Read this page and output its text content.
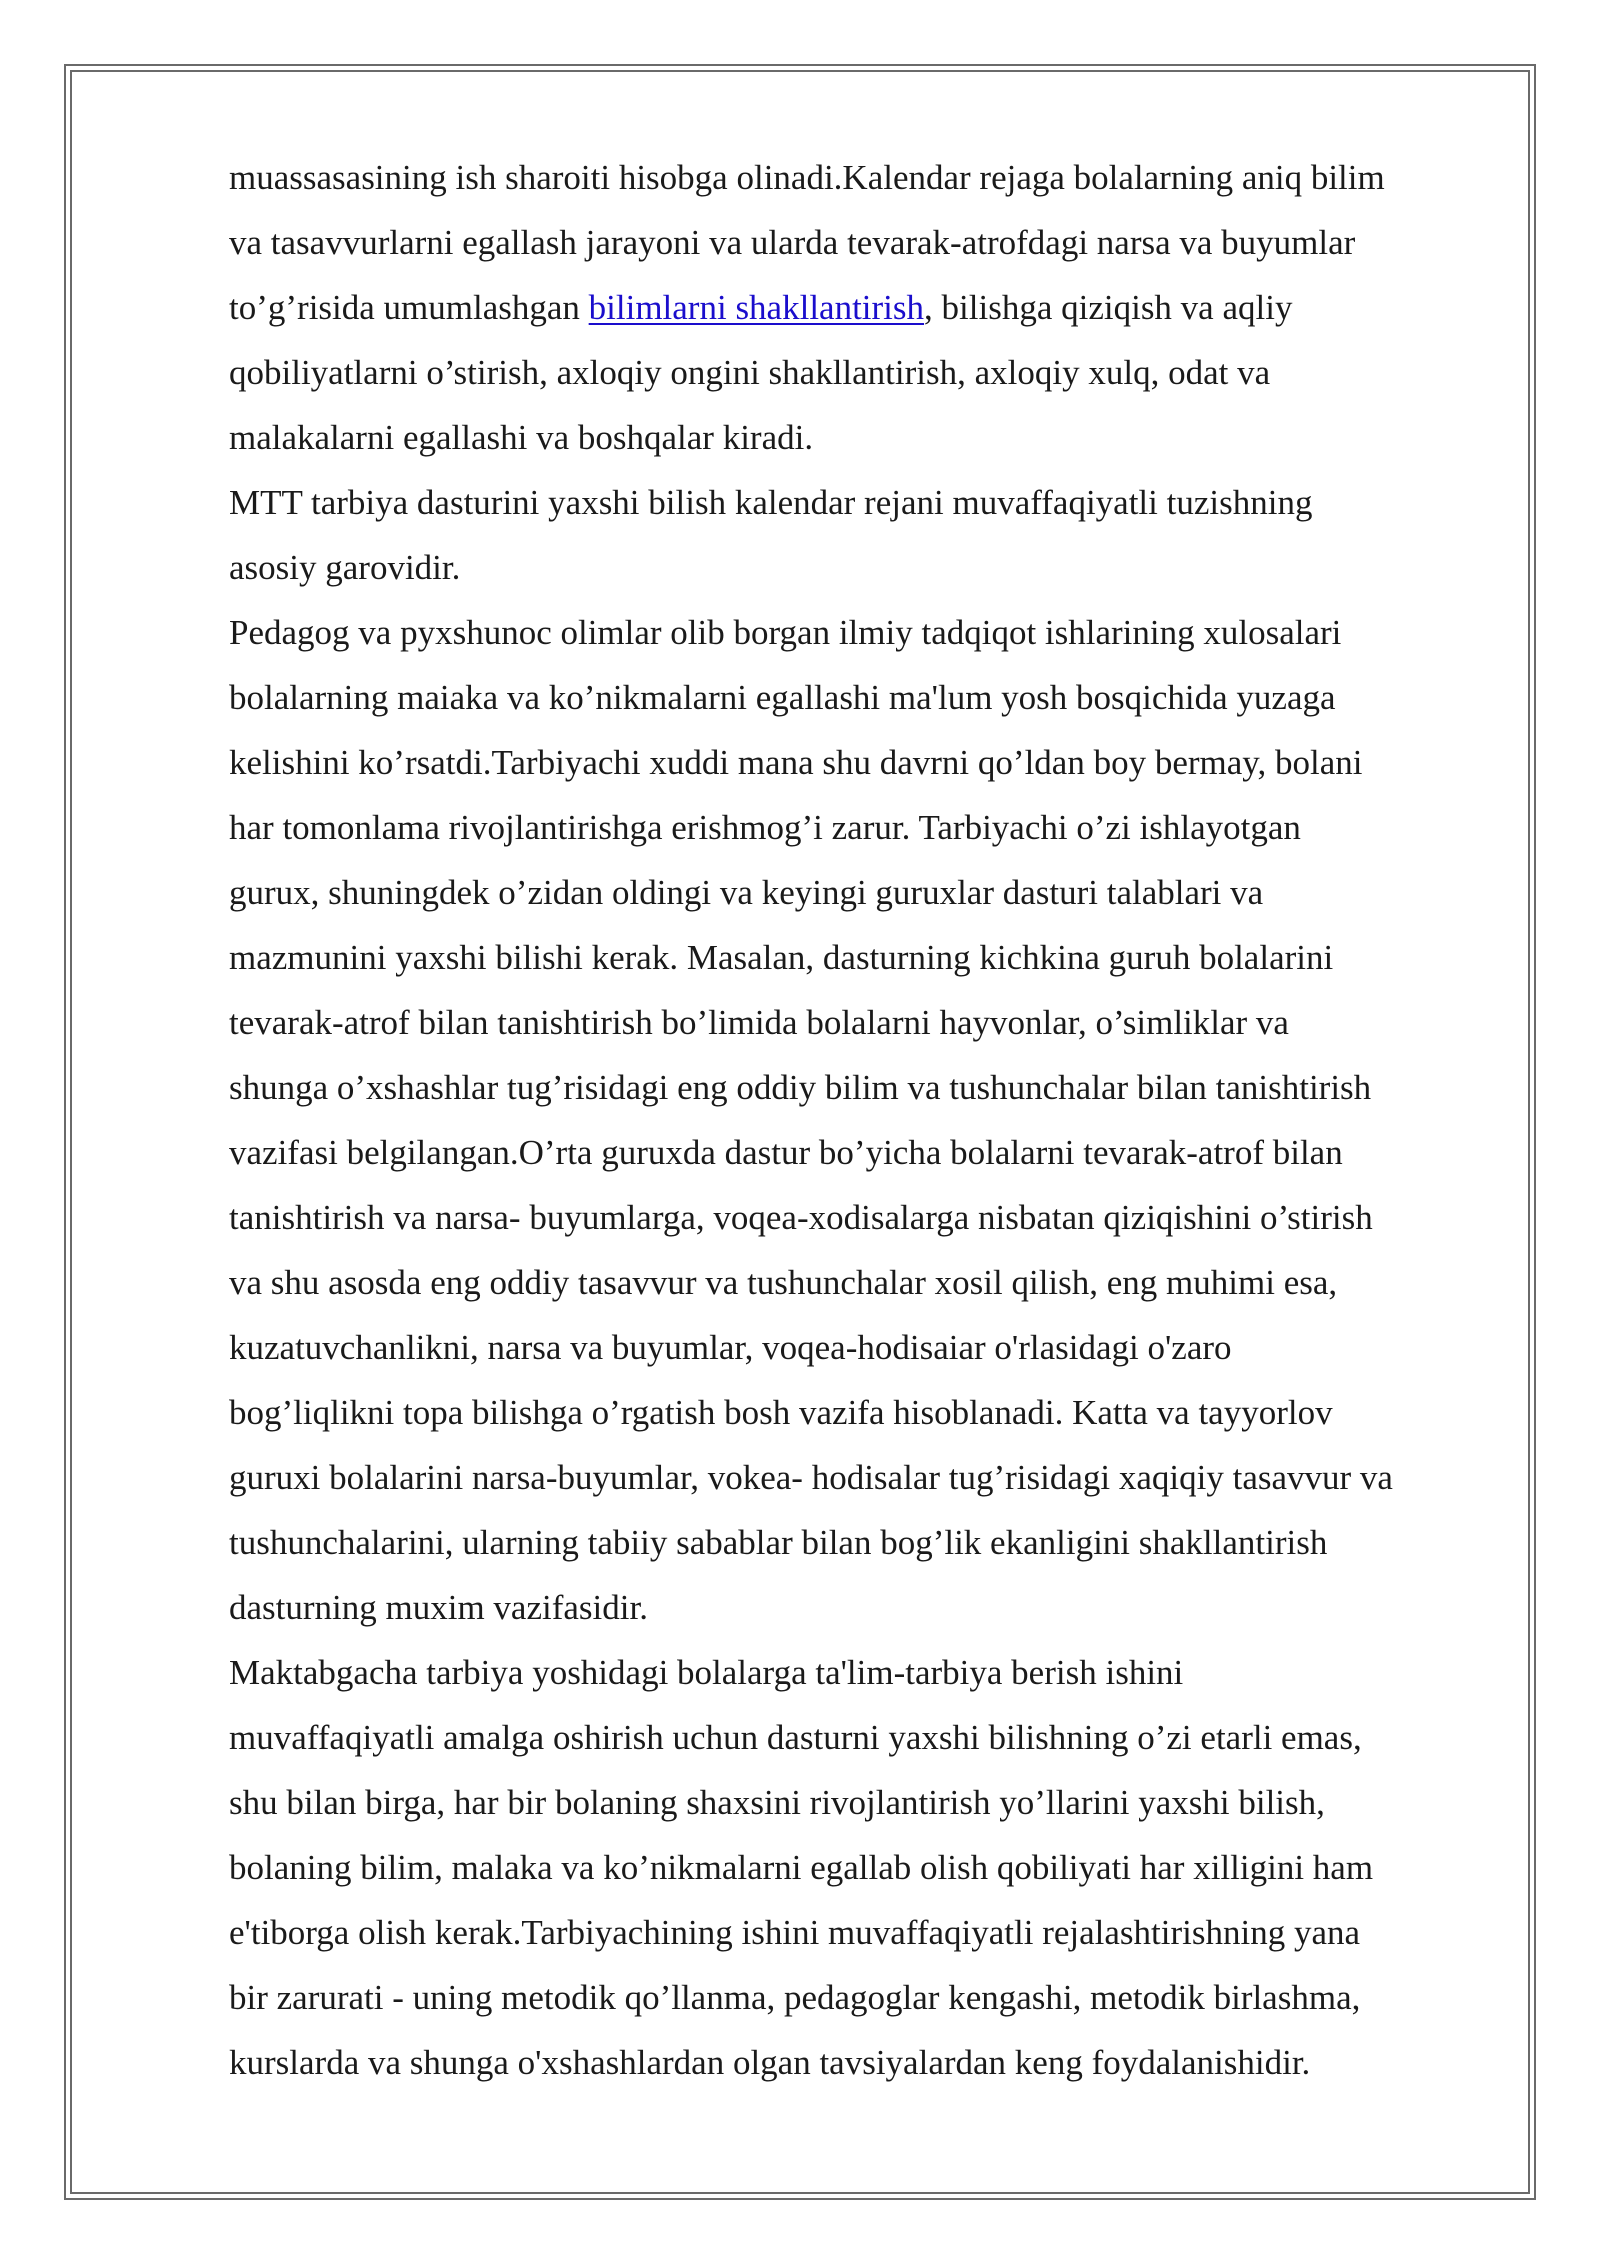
muassasasining ish sharoiti hisobga olinadi.Kalendar rejaga bolalarning aniq bilim
va tasavvurlarni egallash jarayoni va ularda tevarak-atrofdagi narsa va buyumlar
to’g’risida umumlashgan bilimlarni shakllantirish, bilishga qiziqish va aqliy
qobiliyatlarni o’stirish, axloqiy ongini shakllantirish, axloqiy xulq, odat va
malakalarni egallashi va boshqalar kiradi.
MTT tarbiya dasturini yaxshi bilish kalendar rejani muvaffaqiyatli tuzishning
asosiy garovidir.
Pedagog va pyxshunoc olimlar olib borgan ilmiy tadqiqot ishlarining xulosalari
bolalarning maiaka va ko’nikmalarni egallashi ma'lum yosh bosqichida yuzaga
kelishini ko’rsatdi.Tarbiyachi xuddi mana shu davrni qo’ldan boy bermay, bolani
har tomonlama rivojlantirishga erishmog’i zarur. Tarbiyachi o’zi ishlayotgan
gurux, shuningdek o’zidan oldingi va keyingi guruxlar dasturi talablari va
mazmunini yaxshi bilishi kerak. Masalan, dasturning kichkina guruh bolalarini
tevarak-atrof bilan tanishtirish bo’limida bolalarni hayvonlar, o’simliklar va
shunga o’xshashlar tug’risidagi eng oddiy bilim va tushunchalar bilan tanishtirish
vazifasi belgilangan.O’rta guruxda dastur bo’yicha bolalarni tevarak-atrof bilan
tanishtirish va narsa- buyumlarga, voqea-xodisalarga nisbatan qiziqishini o’stirish
va shu asosda eng oddiy tasavvur va tushunchalar xosil qilish, eng muhimi esa,
kuzatuvchanlikni, narsa va buyumlar, voqea-hodisaiar o'rlasidagi o'zaro
bog’liqlikni topa bilishga o’rgatish bosh vazifa hisoblanadi. Katta va tayyorlov
guruxi bolalarini narsa-buyumlar, vokea- hodisalar tug’risidagi xaqiqiy tasavvur va
tushunchalarini, ularning tabiiy sabablar bilan bog’lik ekanligini shakllantirish
dasturning muxim vazifasidir.
Maktabgacha tarbiya yoshidagi bolalarga ta'lim-tarbiya berish ishini
muvaffaqiyatli amalga oshirish uchun dasturni yaxshi bilishning o’zi etarli emas,
shu bilan birga, har bir bolaning shaxsini rivojlantirish yo’llarini yaxshi bilish,
bolaning bilim, malaka va ko’nikmalarni egallab olish qobiliyati har xilligini ham
e'tiborga olish kerak.Tarbiyachining ishini muvaffaqiyatli rejalashtirishning yana
bir zarurati - uning metodik qo’llanma, pedagoglar kengashi, metodik birlashma,
kurslarda va shunga o'xshashlardan olgan tavsiyalardan keng foydalanishidir.
